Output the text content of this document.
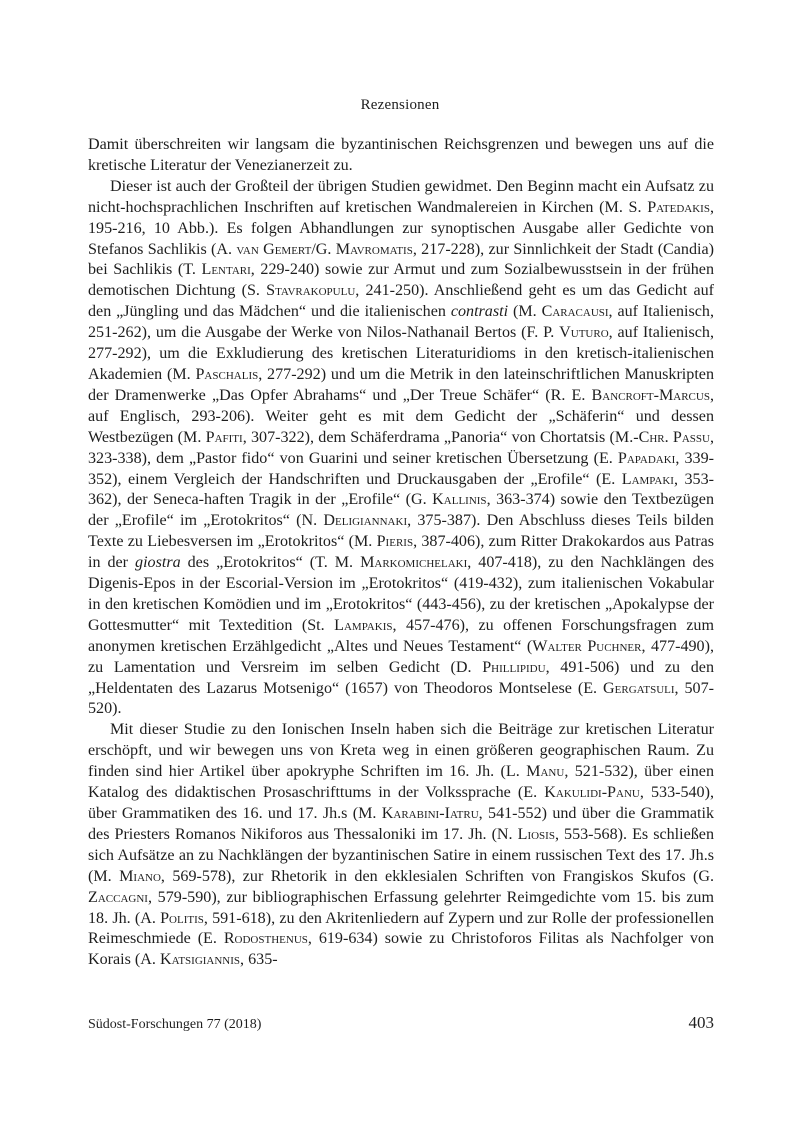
Rezensionen

Damit überschreiten wir langsam die byzantinischen Reichsgrenzen und bewegen uns auf die kretische Literatur der Venezianerzeit zu.

Dieser ist auch der Großteil der übrigen Studien gewidmet. Den Beginn macht ein Aufsatz zu nicht-hochsprachlichen Inschriften auf kretischen Wandmalereien in Kirchen (M. S. Patedakis, 195-216, 10 Abb.). Es folgen Abhandlungen zur synoptischen Ausgabe aller Gedichte von Stefanos Sachlikis (A. van Gemert/G. Mavromatis, 217-228), zur Sinnlichkeit der Stadt (Candia) bei Sachlikis (T. Lentari, 229-240) sowie zur Armut und zum Sozialbewusstsein in der frühen demotischen Dichtung (S. Stavrakopulu, 241-250). Anschließend geht es um das Gedicht auf den „Jüngling und das Mädchen“ und die italienischen contrasti (M. Caracausi, auf Italienisch, 251-262), um die Ausgabe der Werke von Nilos-Nathanail Bertos (F. P. Vuturo, auf Italienisch, 277-292), um die Exkludierung des kretischen Literaturidioms in den kretisch-italienischen Akademien (M. Paschalis, 277-292) und um die Metrik in den lateinschriftlichen Manuskripten der Dramenwerke „Das Opfer Abrahams“ und „Der Treue Schäfer“ (R. E. Bancroft-Marcus, auf Englisch, 293-206). Weiter geht es mit dem Gedicht der „Schäferin“ und dessen Westbezügen (M. Pafiti, 307-322), dem Schäferdrama „Panoria“ von Chortatsis (M.-Chr. Passu, 323-338), dem „Pastor fido“ von Guarini und seiner kretischen Übersetzung (E. Papadaki, 339-352), einem Vergleich der Handschriften und Druckausgaben der „Erofile“ (E. Lampaki, 353-362), der Seneca-haften Tragik in der „Erofile“ (G. Kallinis, 363-374) sowie den Textbezügen der „Erofile“ im „Erotokritos“ (N. Deligiannaki, 375-387). Den Abschluss dieses Teils bilden Texte zu Liebesversen im „Erotokritos“ (M. Pieris, 387-406), zum Ritter Drakokardos aus Patras in der giostra des „Erotokritos“ (T. M. Markomichelaki, 407-418), zu den Nachklängen des Digenis-Epos in der Escorial-Version im „Erotokritos“ (419-432), zum italienischen Vokabular in den kretischen Komödien und im „Erotokritos“ (443-456), zu der kretischen „Apokalypse der Gottesmutter“ mit Textedition (St. Lampakis, 457-476), zu offenen Forschungsfragen zum anonymen kretischen Erzählgedicht „Altes und Neues Testament“ (Walter Puchner, 477-490), zu Lamentation und Versreim im selben Gedicht (D. Phillipidu, 491-506) und zu den „Heldentaten des Lazarus Motsenigo“ (1657) von Theodoros Montselese (E. Gergatsuli, 507-520).

Mit dieser Studie zu den Ionischen Inseln haben sich die Beiträge zur kretischen Literatur erschöpft, und wir bewegen uns von Kreta weg in einen größeren geographischen Raum. Zu finden sind hier Artikel über apokryphe Schriften im 16. Jh. (L. Manu, 521-532), über einen Katalog des didaktischen Prosaschrifttums in der Volkssprache (E. Kakulidi-Panu, 533-540), über Grammatiken des 16. und 17. Jh.s (M. Karabini-Iatru, 541-552) und über die Grammatik des Priesters Romanos Nikiforos aus Thessaloniki im 17. Jh. (N. Liosis, 553-568). Es schließen sich Aufsätze an zu Nachklängen der byzantinischen Satire in einem russischen Text des 17. Jh.s (M. Miano, 569-578), zur Rhetorik in den ekklesialen Schriften von Frangiskos Skufos (G. Zaccagni, 579-590), zur bibliographischen Erfassung gelehrter Reimgedichte vom 15. bis zum 18. Jh. (A. Politis, 591-618), zu den Akritenliedern auf Zypern und zur Rolle der professionellen Reimeschmiede (E. Rodosthenus, 619-634) sowie zu Christoforos Filitas als Nachfolger von Korais (A. Katsigiannis, 635-

Südost-Forschungen 77 (2018)	403
